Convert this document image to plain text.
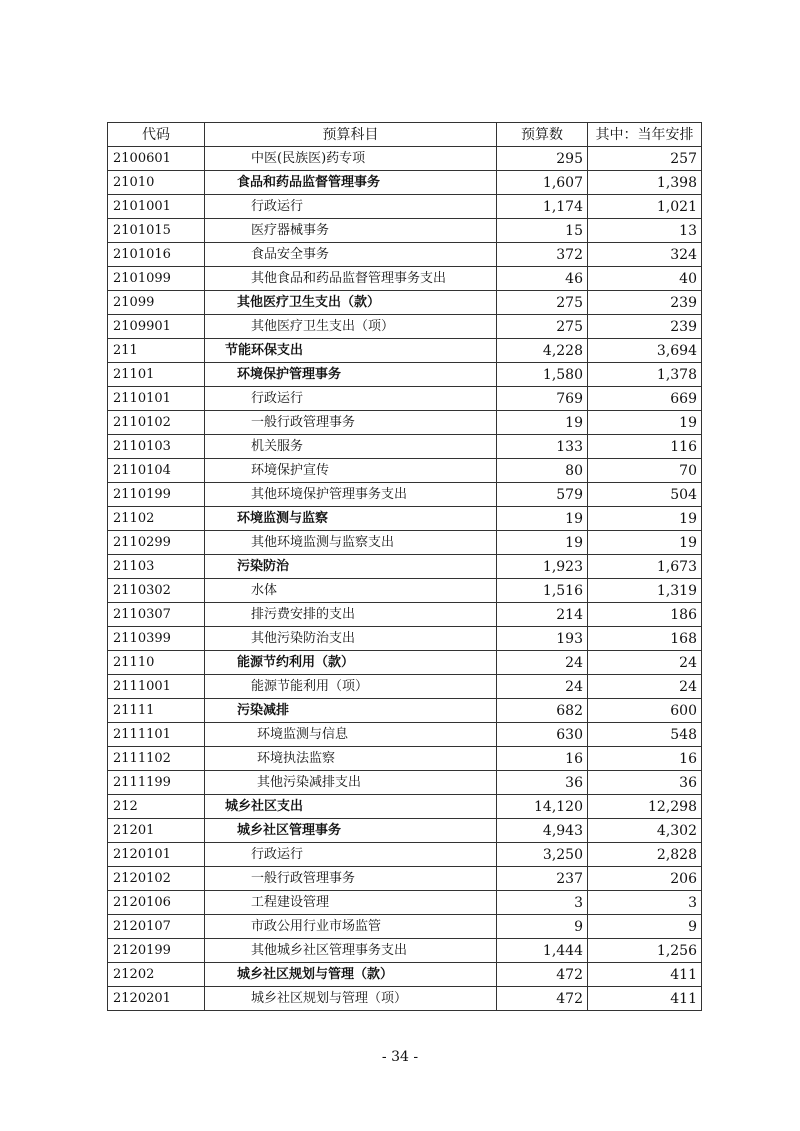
代码	预算科目	预算数	其中：当年安排
2100601	中医(民族医)药专项	295	257
21010	食品和药品监督管理事务	1,607	1,398
2101001	行政运行	1,174	1,021
2101015	医疗器械事务	15	13
2101016	食品安全事务	372	324
2101099	其他食品和药品监督管理事务支出	46	40
21099	其他医疗卫生支出（款）	275	239
2109901	其他医疗卫生支出（项）	275	239
211	节能环保支出	4,228	3,694
21101	环境保护管理事务	1,580	1,378
2110101	行政运行	769	669
2110102	一般行政管理事务	19	19
2110103	机关服务	133	116
2110104	环境保护宣传	80	70
2110199	其他环境保护管理事务支出	579	504
21102	环境监测与监察	19	19
2110299	其他环境监测与监察支出	19	19
21103	污染防治	1,923	1,673
2110302	水体	1,516	1,319
2110307	排污费安排的支出	214	186
2110399	其他污染防治支出	193	168
21110	能源节约利用（款）	24	24
2111001	能源节能利用（项）	24	24
21111	污染减排	682	600
2111101	环境监测与信息	630	548
2111102	环境执法监察	16	16
2111199	其他污染减排支出	36	36
212	城乡社区支出	14,120	12,298
21201	城乡社区管理事务	4,943	4,302
2120101	行政运行	3,250	2,828
2120102	一般行政管理事务	237	206
2120106	工程建设管理	3	3
2120107	市政公用行业市场监管	9	9
2120199	其他城乡社区管理事务支出	1,444	1,256
21202	城乡社区规划与管理（款）	472	411
2120201	城乡社区规划与管理（项）	472	411
- 34 -
